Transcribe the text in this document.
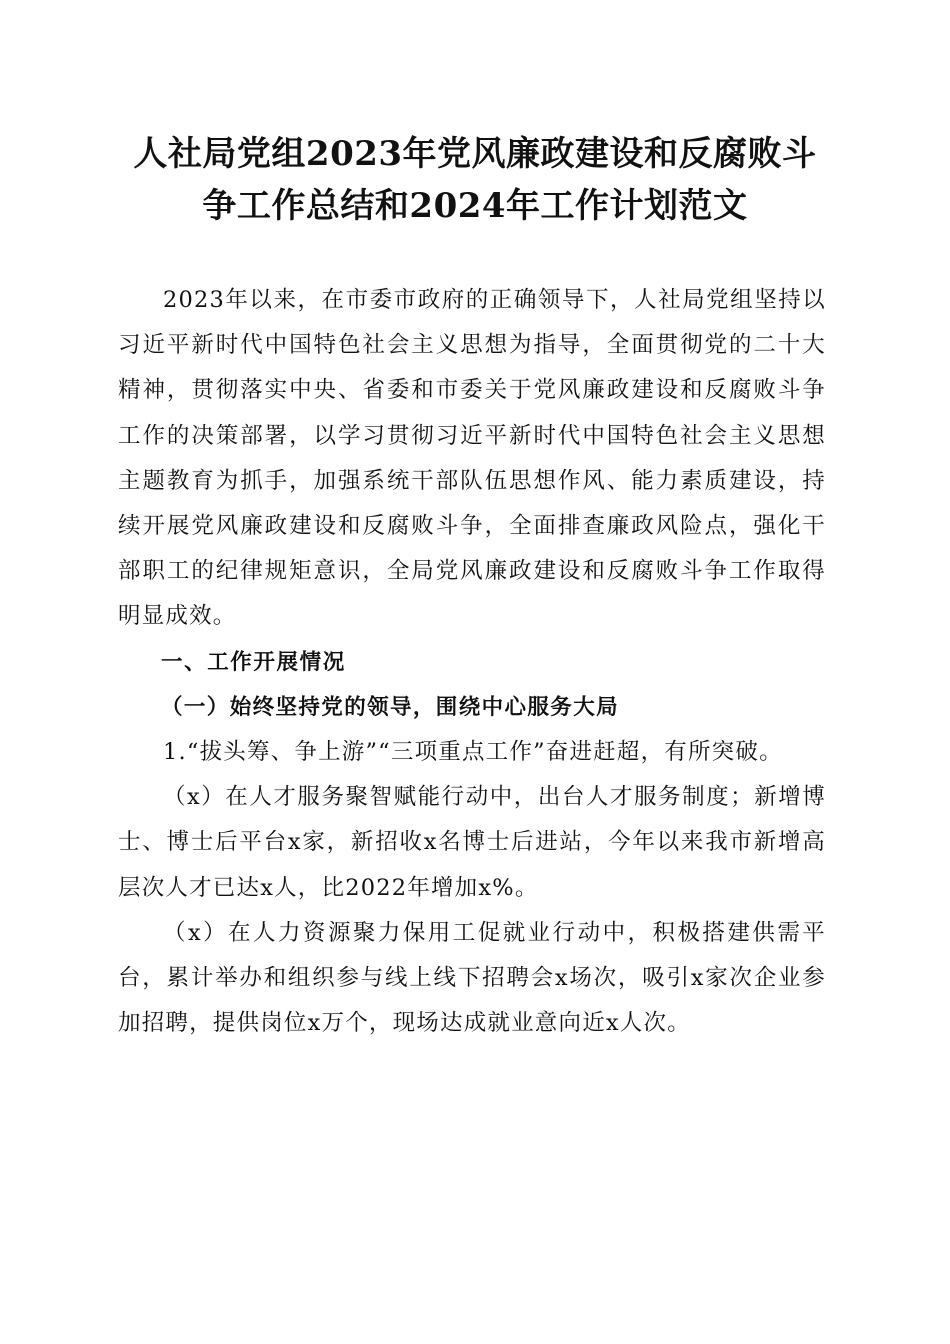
人社局党组2023年党风廉政建设和反腐败斗
争工作总结和2024年工作计划范文

2023年以来，在市委市政府的正确领导下，人社局党组坚持以习近平新时代中国特色社会主义思想为指导，全面贯彻党的二十大精神，贯彻落实中央、省委和市委关于党风廉政建设和反腐败斗争工作的决策部署，以学习贯彻习近平新时代中国特色社会主义思想主题教育为抓手，加强系统干部队伍思想作风、能力素质建设，持续开展党风廉政建设和反腐败斗争，全面排查廉政风险点，强化干部职工的纪律规矩意识，全局党风廉政建设和反腐败斗争工作取得明显成效。

一、工作开展情况

（一）始终坚持党的领导，围绕中心服务大局

1.“拔头筹、争上游”“三项重点工作”奋进赶超，有所突破。

（x）在人才服务聚智赋能行动中，出台人才服务制度；新增博士、博士后平台x家，新招收x名博士后进站，今年以来我市新增高层次人才已达x人，比2022年增加x%。

（x）在人力资源聚力保用工促就业行动中，积极搭建供需平台，累计举办和组织参与线上线下招聘会x场次，吸引x家次企业参加招聘，提供岗位x万个，现场达成就业意向近x人次。
